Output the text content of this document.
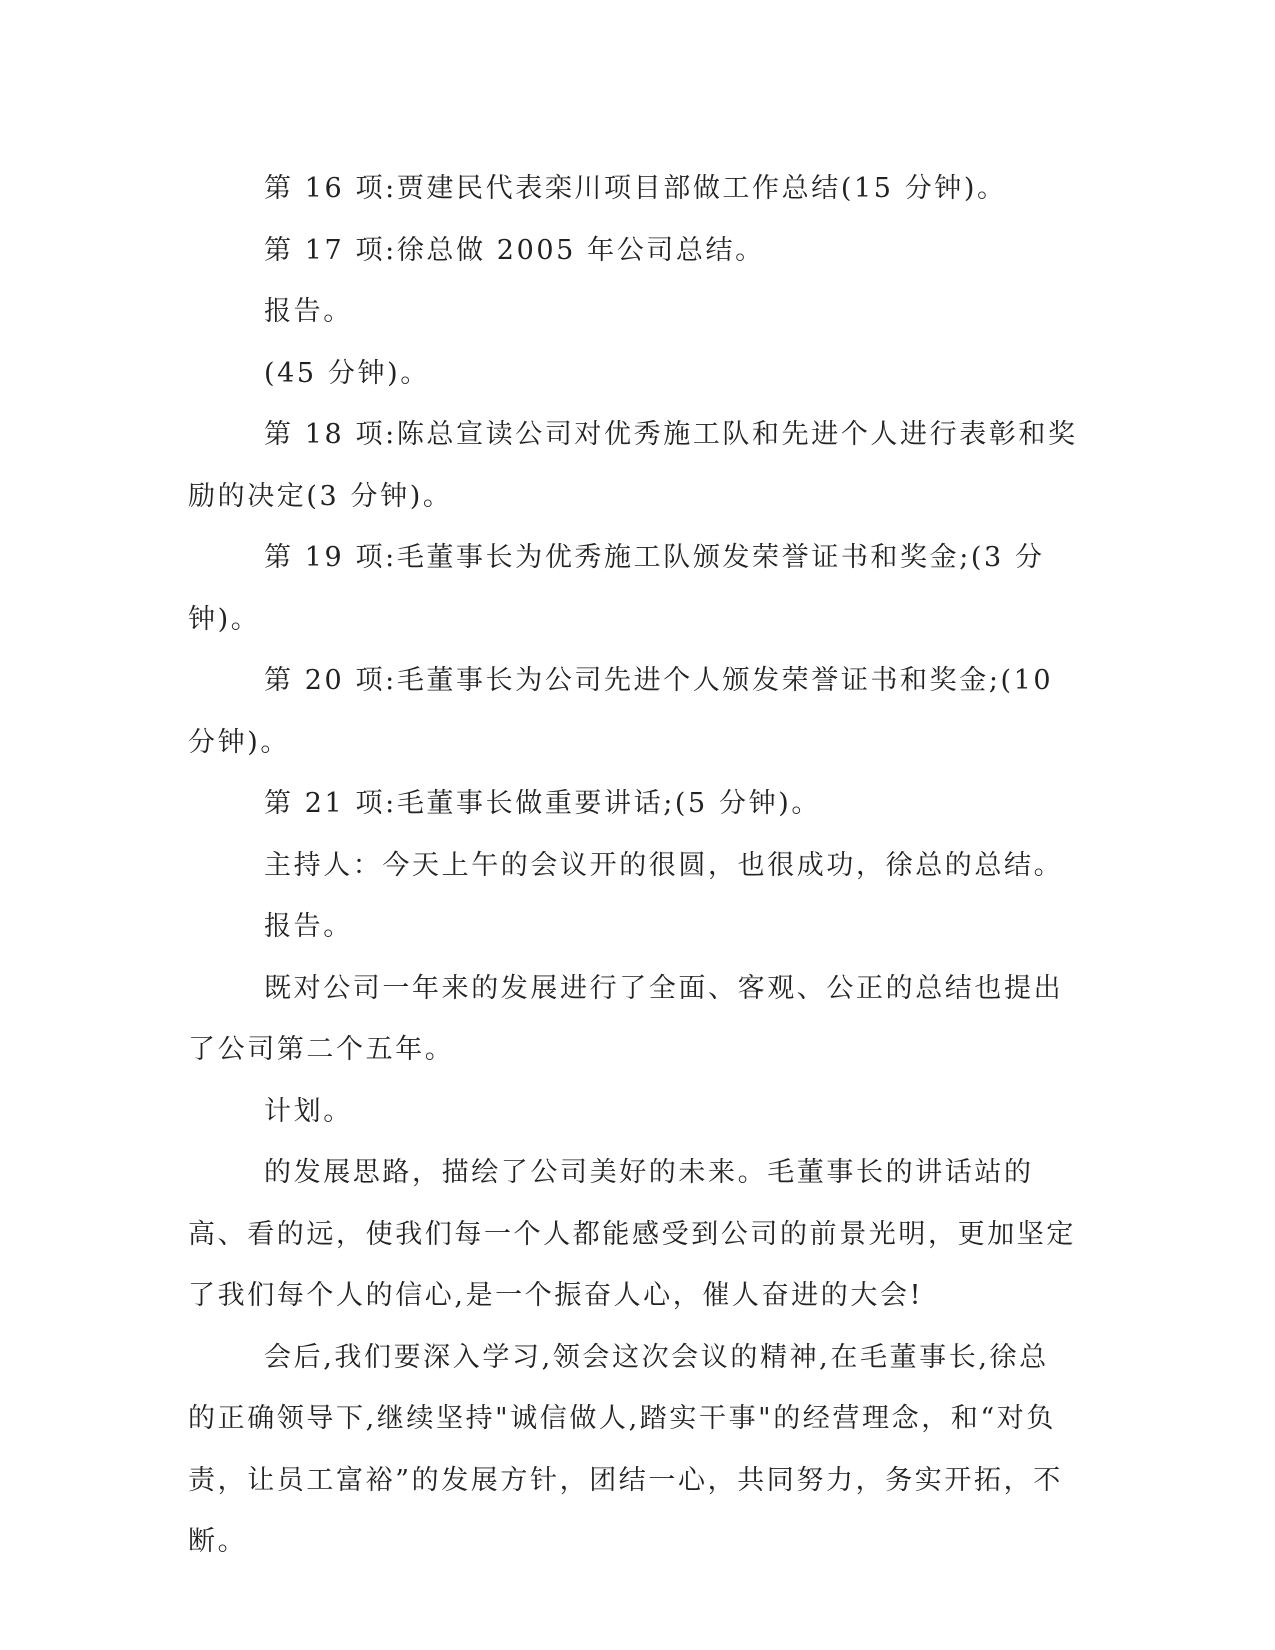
第 16 项:贾建民代表栾川项目部做工作总结(15 分钟)。

第 17 项:徐总做 2005 年公司总结。

报告。

(45 分钟)。

第 18 项:陈总宣读公司对优秀施工队和先进个人进行表彰和奖励的决定(3 分钟)。

第 19 项:毛董事长为优秀施工队颁发荣誉证书和奖金;(3 分钟)。

第 20 项:毛董事长为公司先进个人颁发荣誉证书和奖金;(10 分钟)。

第 21 项:毛董事长做重要讲话;(5 分钟)。

主持人：今天上午的会议开的很圆，也很成功，徐总的总结。

报告。

既对公司一年来的发展进行了全面、客观、公正的总结也提出了公司第二个五年。

计划。

的发展思路，描绘了公司美好的未来。毛董事长的讲话站的高、看的远，使我们每一个人都能感受到公司的前景光明，更加坚定了我们每个人的信心,是一个振奋人心，催人奋进的大会!

会后,我们要深入学习,领会这次会议的精神,在毛董事长,徐总的正确领导下,继续坚持"诚信做人,踏实干事"的经营理念，和“对负责，让员工富裕”的发展方针，团结一心，共同努力，务实开拓，不断。
